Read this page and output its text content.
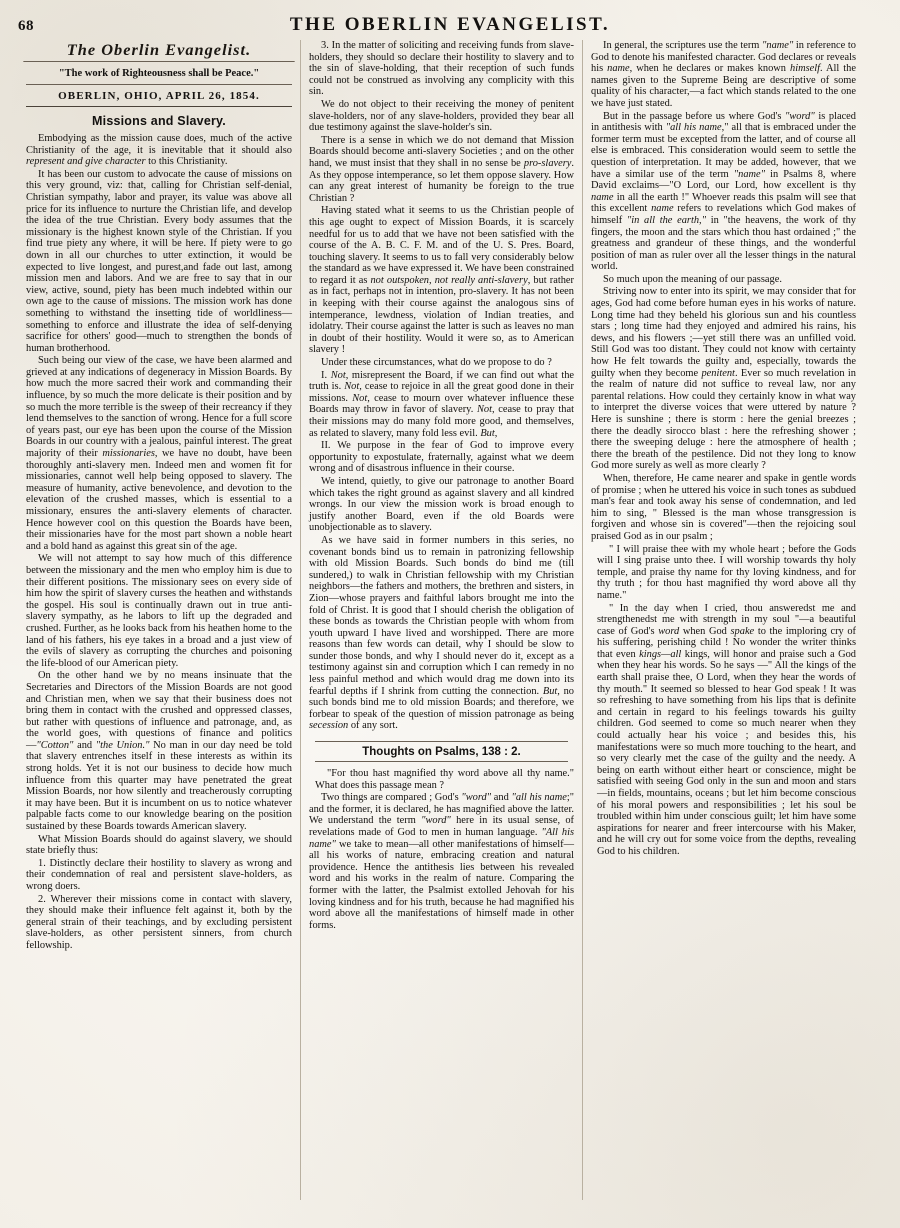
68	THE OBERLIN EVANGELIST.
The Oberlin Evangelist.
"The work of Righteousness shall be Peace."
OBERLIN, OHIO, APRIL 26, 1854.
Missions and Slavery.

Embodying as the mission cause does, much of the active Christianity of the age, it is inevitable that it should also represent and give character to this Christianity.

It has been our custom to advocate the cause of missions on this very ground, viz: that, calling for Christian self-denial, Christian sympathy, labor and prayer, its value was above all price for its influence to nurture the Christian life, and develop the idea of the true Christian. Every body assumes that the missionary is the highest known style of the Christian. If you find true piety any where, it will be here. If piety were to go down in all our churches to utter extinction, it would be expected to live longest, and purest,and fade out last, among mission men and labors. And we are free to say that in our view, active, sound, piety has been much indebted within our own age to the cause of missions. The mission work has done something to withstand the insetting tide of worldliness—something to enforce and illustrate the idea of self-denying sacrifice for others' good—much to strengthen the bonds of human brotherhood.

Such being our view of the case, we have been alarmed and grieved at any indications of degeneracy in Mission Boards. By how much the more sacred their work and commanding their influence, by so much the more delicate is their position and by so much the more terrible is the sweep of their recreancy if they lend themselves to the sanction of wrong. Hence for a full score of years past, our eye has been upon the course of the Mission Boards in our country with a jealous, painful interest. The great majority of their missionaries, we have no doubt, have been thoroughly anti-slavery men. Indeed men and women fit for missionaries, cannot well help being opposed to slavery. The measure of humanity, active benevolence, and devotion to the elevation of the crushed masses, which is essential to a missionary, ensures the anti-slavery elements of character. Hence however cool on this question the Boards have been, their missionaries have for the most part shown a noble heart and a bold hand as against this great sin of the age.

We will not attempt to say how much of this difference between the missionary and the men who employ him is due to their different positions. The missionary sees on every side of him how the spirit of slavery curses the heathen and withstands the gospel. His soul is continually drawn out in true anti-slavery sympathy, as he labors to lift up the degraded and crushed. Further, as he looks back from his heathen home to the land of his fathers, his eye takes in a broad and a just view of the evils of slavery as corrupting the churches and poisoning the life-blood of our American piety.

On the other hand we by no means insinuate that the Secretaries and Directors of the Mission Boards are not good and Christian men, when we say that their business does not bring them in contact with the crushed and oppressed classes, but rather with questions of influence and patronage, and, as the world goes, with questions of finance and politics—"Cotton" and "the Union." No man in our day need be told that slavery entrenches itself in these interests as within its strong holds. Yet it is not our business to decide how much influence from this quarter may have penetrated the great Mission Boards, nor how silently and treacherously corrupting it may have been. But it is incumbent on us to notice whatever palpable facts come to our knowledge bearing on the position sustained by these Boards towards American slavery.

What Mission Boards should do against slavery, we should state briefly thus:

1. Distinctly declare their hostility to slavery as wrong and their condemnation of real and persistent slave-holders, as wrong doers.

2. Wherever their missions come in contact with slavery, they should make their influence felt against it, both by the general strain of their teachings, and by excluding persistent slave-holders, as other persistent sinners, from church fellowship.

3. In the matter of soliciting and receiving funds from slave-holders, they should so declare their hostility to slavery and to the sin of slave-holding, that their reception of such funds could not be construed as involving any complicity with this sin.

We do not object to their receiving the money of penitent slave-holders, nor of any slave-holders, provided they bear all due testimony against the slave-holder's sin.

There is a sense in which we do not demand that Mission Boards should become anti-slavery Societies ; and on the other hand, we must insist that they shall in no sense be pro-slavery. As they oppose intemperance, so let them oppose slavery. How can any great interest of humanity be foreign to the true Christian ?

Having stated what it seems to us the Christian people of this age ought to expect of Mission Boards, it is scarcely needful for us to add that we have not been satisfied with the course of the A. B. C. F. M. and of the U. S. Pres. Board, touching slavery. It seems to us to fall very considerably below the standard as we have expressed it. We have been constrained to regard it as not outspoken, not really anti-slavery, but rather as in fact, perhaps not in intention, pro-slavery. It has not been in keeping with their course against the analogous sins of intemperance, lewdness, violation of Indian treaties, and idolatry. Their course against the latter is such as leaves no man in doubt of their hostility. Would it were so, as to American slavery !

Under these circumstances, what do we propose to do ?

I. Not, misrepresent the Board, if we can find out what the truth is. Not, cease to rejoice in all the great good done in their missions. Not, cease to mourn over whatever influence these Boards may throw in favor of slavery. Not, cease to pray that their missions may do many fold more good, and themselves, as related to slavery, many fold less evil. But,

II. We purpose in the fear of God to improve every opportunity to expostulate, fraternally, against what we deem wrong and of disastrous influence in their course.

We intend, quietly, to give our patronage to another Board which takes the right ground as against slavery and all kindred wrongs. In our view the mission work is broad enough to justify another Board, even if the old Boards were unobjectionable as to slavery.

As we have said in former numbers in this series, no covenant bonds bind us to remain in patronizing fellowship with old Mission Boards. Such bonds do bind me (till sundered,) to walk in Christian fellowship with my Christian neighbors—the fathers and mothers, the brethren and sisters, in Zion—whose prayers and faithful labors brought me into the fold of Christ. It is good that I should cherish the obligation of these bonds as towards the Christian people with whom from youth upward I have lived and worshipped. There are more reasons than few words can detail, why I should be slow to sunder those bonds, and why I should never do it, except as a testimony against sin and corruption which I can remedy in no less painful method and which would drag me down into its fearful depths if I shrink from cutting the connection. But, no such bonds bind me to old mission Boards; and therefore, we forbear to speak of the question of mission patronage as being secession of any sort.

Thoughts on Psalms, 138 : 2.

"For thou hast magnified thy word above all thy name." What does this passage mean ?

Two things are compared ; God's "word" and "all his name;" and the former, it is declared, he has magnified above the latter. We understand the term "word" here in its usual sense, of revelations made of God to men in human language. "All his name" we take to mean—all other manifestations of himself—all his works of nature, embracing creation and natural providence. Hence the antithesis lies between his revealed word and his works in the realm of nature. Comparing the former with the latter, the Psalmist extolled Jehovah for his loving kindness and for his truth, because he had magnified his word above all the manifestations of himself made in other forms.

In general, the scriptures use the term "name" in reference to God to denote his manifested character. God declares or reveals his name, when he declares or makes known himself. All the names given to the Supreme Being are descriptive of some quality of his character,—a fact which stands related to the one we have just stated.

But in the passage before us where God's "word" is placed in antithesis with "all his name," all that is embraced under the former term must be excepted from the latter, and of course all else is embraced. This consideration would seem to settle the question of interpretation. It may be added, however, that we have a similar use of the term "name" in Psalms 8, where David exclaims—"O Lord, our Lord, how excellent is thy name in all the earth !" Whoever reads this psalm will see that this excellent name refers to revelations which God makes of himself "in all the earth," in "the heavens, the work of thy fingers, the moon and the stars which thou hast ordained ;" the greatness and grandeur of these things, and the wonderful position of man as ruler over all the lesser things in the natural world.

So much upon the meaning of our passage.

Striving now to enter into its spirit, we may consider that for ages, God had come before human eyes in his works of nature. Long time had they beheld his glorious sun and his countless stars ; long time had they enjoyed and admired his rains, his dews, and his flowers ;—yet still there was an unfilled void. Still God was too distant. They could not know with certainty how He felt towards the guilty and, especially, towards the guilty when they become penitent. Ever so much revelation in the realm of nature did not suffice to reveal law, nor any parental relations. How could they certainly know in what way to interpret the diverse voices that were uttered by nature ? Here is sunshine ; there is storm : here the genial breezes ; there the deadly sirocco blast : here the refreshing shower ; there the sweeping deluge : here the atmosphere of health ; there the breath of the pestilence. Did not they long to know God more surely as well as more clearly ?

When, therefore, He came nearer and spake in gentle words of promise ; when he uttered his voice in such tones as subdued man's fear and took away his sense of condemnation, and led him to sing, " Blessed is the man whose transgression is forgiven and whose sin is covered"—then the rejoicing soul praised God as in our psalm ;

" I will praise thee with my whole heart ; before the Gods will I sing praise unto thee. I will worship towards thy holy temple, and praise thy name for thy loving kindness, and for thy truth ; for thou hast magnified thy word above all thy name."

" In the day when I cried, thou answeredst me and strengthenedst me with strength in my soul "—a beautiful case of God's word when God spake to the imploring cry of his suffering, perishing child ! No wonder the writer thinks that even kings—all kings, will honor and praise such a God when they hear his words. So he says —" All the kings of the earth shall praise thee, O Lord, when they hear the words of thy mouth." It seemed so blessed to hear God speak ! It was so refreshing to have something from his lips that is definite and certain in regard to his feelings towards his guilty children. God seemed to come so much nearer when they could actually hear his voice ; and besides this, his manifestations were so much more touching to the heart, and so very clearly met the case of the guilty and the needy. A being on earth without either heart or conscience, might be satisfied with seeing God only in the sun and moon and stars—in fields, mountains, oceans ; but let him become conscious of his moral powers and responsibilities ; let his soul be troubled within him under conscious guilt; let him have some aspirations for nearer and freer intercourse with his Maker, and he will cry out for some voice from the depths, revealing God to his children.
